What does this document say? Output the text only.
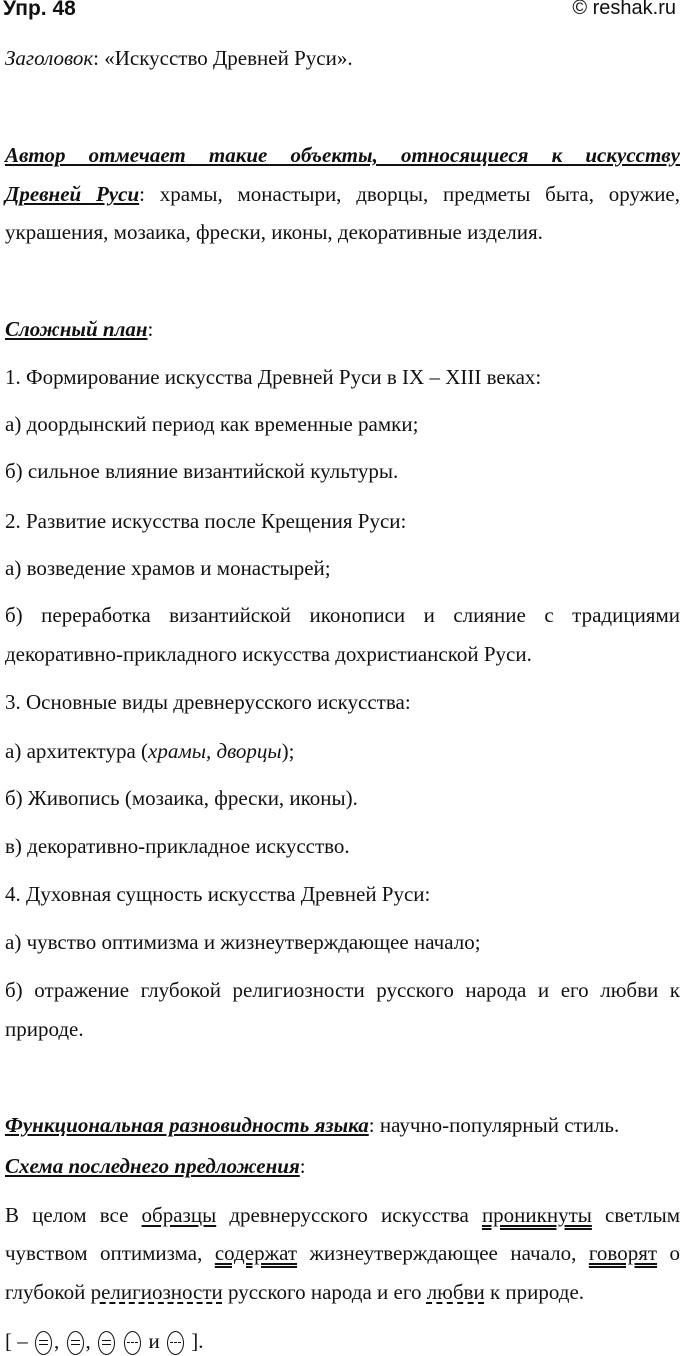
Упр. 48	© reshak.ru
Заголовок: «Искусство Древней Руси».
Автор отмечает такие объекты, относящиеся к искусству
Древней Руси: храмы, монастыри, дворцы, предметы быта, оружие,
украшения, мозаика, фрески, иконы, декоративные изделия.
Сложный план:
1. Формирование искусства Древней Руси в IX – XIII веках:
а) доордынский период как временные рамки;
б) сильное влияние византийской культуры.
2. Развитие искусства после Крещения Руси:
а) возведение храмов и монастырей;
б) переработка византийской иконописи и слияние с традициями
декоративно-прикладного искусства дохристианской Руси.
3. Основные виды древнерусского искусства:
а) архитектура (храмы, дворцы);
б) Живопись (мозаика, фрески, иконы).
в) декоративно-прикладное искусство.
4. Духовная сущность искусства Древней Руси:
а) чувство оптимизма и жизнеутверждающее начало;
б) отражение глубокой религиозности русского народа и его любви к
природе.
Функциональная разновидность языка: научно-популярный стиль.
Схема последнего предложения:
В целом все образцы древнерусского искусства проникнуты светлым
чувством оптимизма, содержат жизнеутверждающее начало, говорят о
глубокой религиозности русского народа и его любви к природе.
[ –
, ,
	и ].
